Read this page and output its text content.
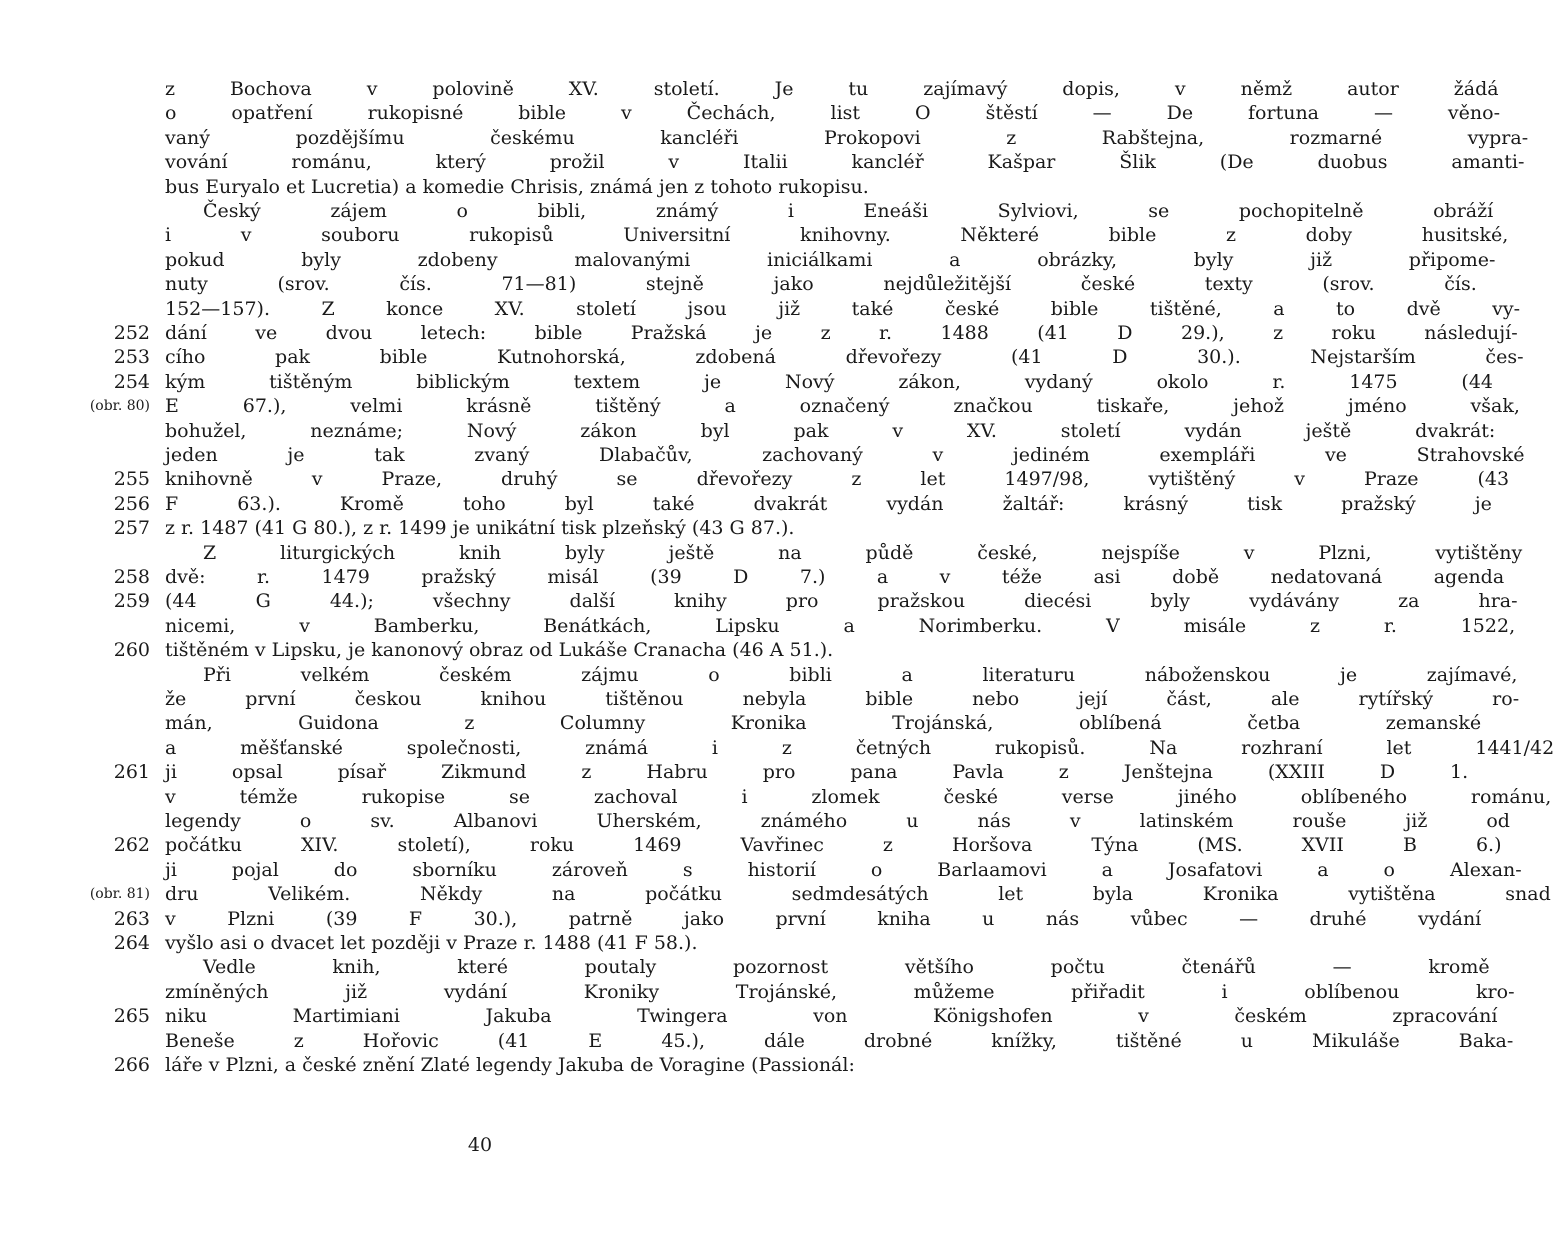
z Bochova v polovině XV. století. Je tu zajímavý dopis, v němž autor žádá
o opatření rukopisné bible v Čechách, list O štěstí — De fortuna — věno-
vaný pozdějšímu českému kancléři Prokopovi z Rabštejna, rozmarné vypra-
vování románu, který prožil v Italii kancléř Kašpar Šlik (De duobus amanti-
bus Euryalo et Lucretia) a komedie Chrisis, známá jen z tohoto rukopisu.
Český zájem o bibli, známý i Eneáši Sylviovi, se pochopitelně obráží
i v souboru rukopisů Universitní knihovny. Některé bible z doby husitské,
pokud byly zdobeny malovanými iniciálkami a obrázky, byly již připome-
nuty (srov. čís. 71—81) stejně jako nejdůležitější české texty (srov. čís.
152—157). Z konce XV. století jsou již také české bible tištěné, a to dvě vy-
dání ve dvou letech: bible Pražská je z r. 1488 (41 D 29.), z roku následují-
252
cího pak bible Kutnohorská, zdobená dřevořezy (41 D 30.). Nejstarším čes-
253
kým tištěným biblickým textem je Nový zákon, vydaný okolo r. 1475 (44
254
E 67.), velmi krásně tištěný a označený značkou tiskaře, jehož jméno však,
(obr. 80)
bohužel, neznáme; Nový zákon byl pak v XV. století vydán ještě dvakrát:
jeden je tak zvaný Dlabačův, zachovaný v jediném exempláři ve Strahovské
knihovně v Praze, druhý se dřevořezy z let 1497/98, vytištěný v Praze (43
255
F 63.). Kromě toho byl také dvakrát vydán žaltář: krásný tisk pražský je
256
z r. 1487 (41 G 80.), z r. 1499 je unikátní tisk plzeňský (43 G 87.).
257
Z liturgických knih byly ještě na půdě české, nejspíše v Plzni, vytištěny
dvě: r. 1479 pražský misál (39 D 7.) a v téže asi době nedatovaná agenda
258
(44 G 44.); všechny další knihy pro pražskou diecési byly vydávány za hra-
259
nicemi, v Bamberku, Benátkách, Lipsku a Norimberku. V misále z r. 1522,
tištěném v Lipsku, je kanonový obraz od Lukáše Cranacha (46 A 51.).
260
Při velkém českém zájmu o bibli a literaturu náboženskou je zajímavé,
že první českou knihou tištěnou nebyla bible nebo její část, ale rytířský ro-
mán, Guidona z Columny Kronika Trojánská, oblíbená četba zemanské
a měšťanské společnosti, známá i z četných rukopisů. Na rozhraní let 1441/42
ji opsal písař Zikmund z Habru pro pana Pavla z Jenštejna (XXIII D 1.
261
v témže rukopise se zachoval i zlomek české verse jiného oblíbeného románu,
legendy o sv. Albanovi Uherském, známého u nás v latinském rouše již od
počátku XIV. století), roku 1469 Vavřinec z Horšova Týna (MS. XVII B 6.)
262
ji pojal do sborníku zároveň s historií o Barlaamovi a Josafatovi a o Alexan-
dru Velikém. Někdy na počátku sedmdesátých let byla Kronika vytištěna snad
(obr. 81)
v Plzni (39 F 30.), patrně jako první kniha u nás vůbec — druhé vydání
263
vyšlo asi o dvacet let později v Praze r. 1488 (41 F 58.).
264
Vedle knih, které poutaly pozornost většího počtu čtenářů — kromě
zmíněných již vydání Kroniky Trojánské, můžeme přiřadit i oblíbenou kro-
niku Martimiani Jakuba Twingera von Königshofen v českém zpracování
265
Beneše z Hořovic (41 E 45.), dále drobné knížky, tištěné u Mikuláše Baka-
láře v Plzni, a české znění Zlaté legendy Jakuba de Voragine (Passionál:
266
40
